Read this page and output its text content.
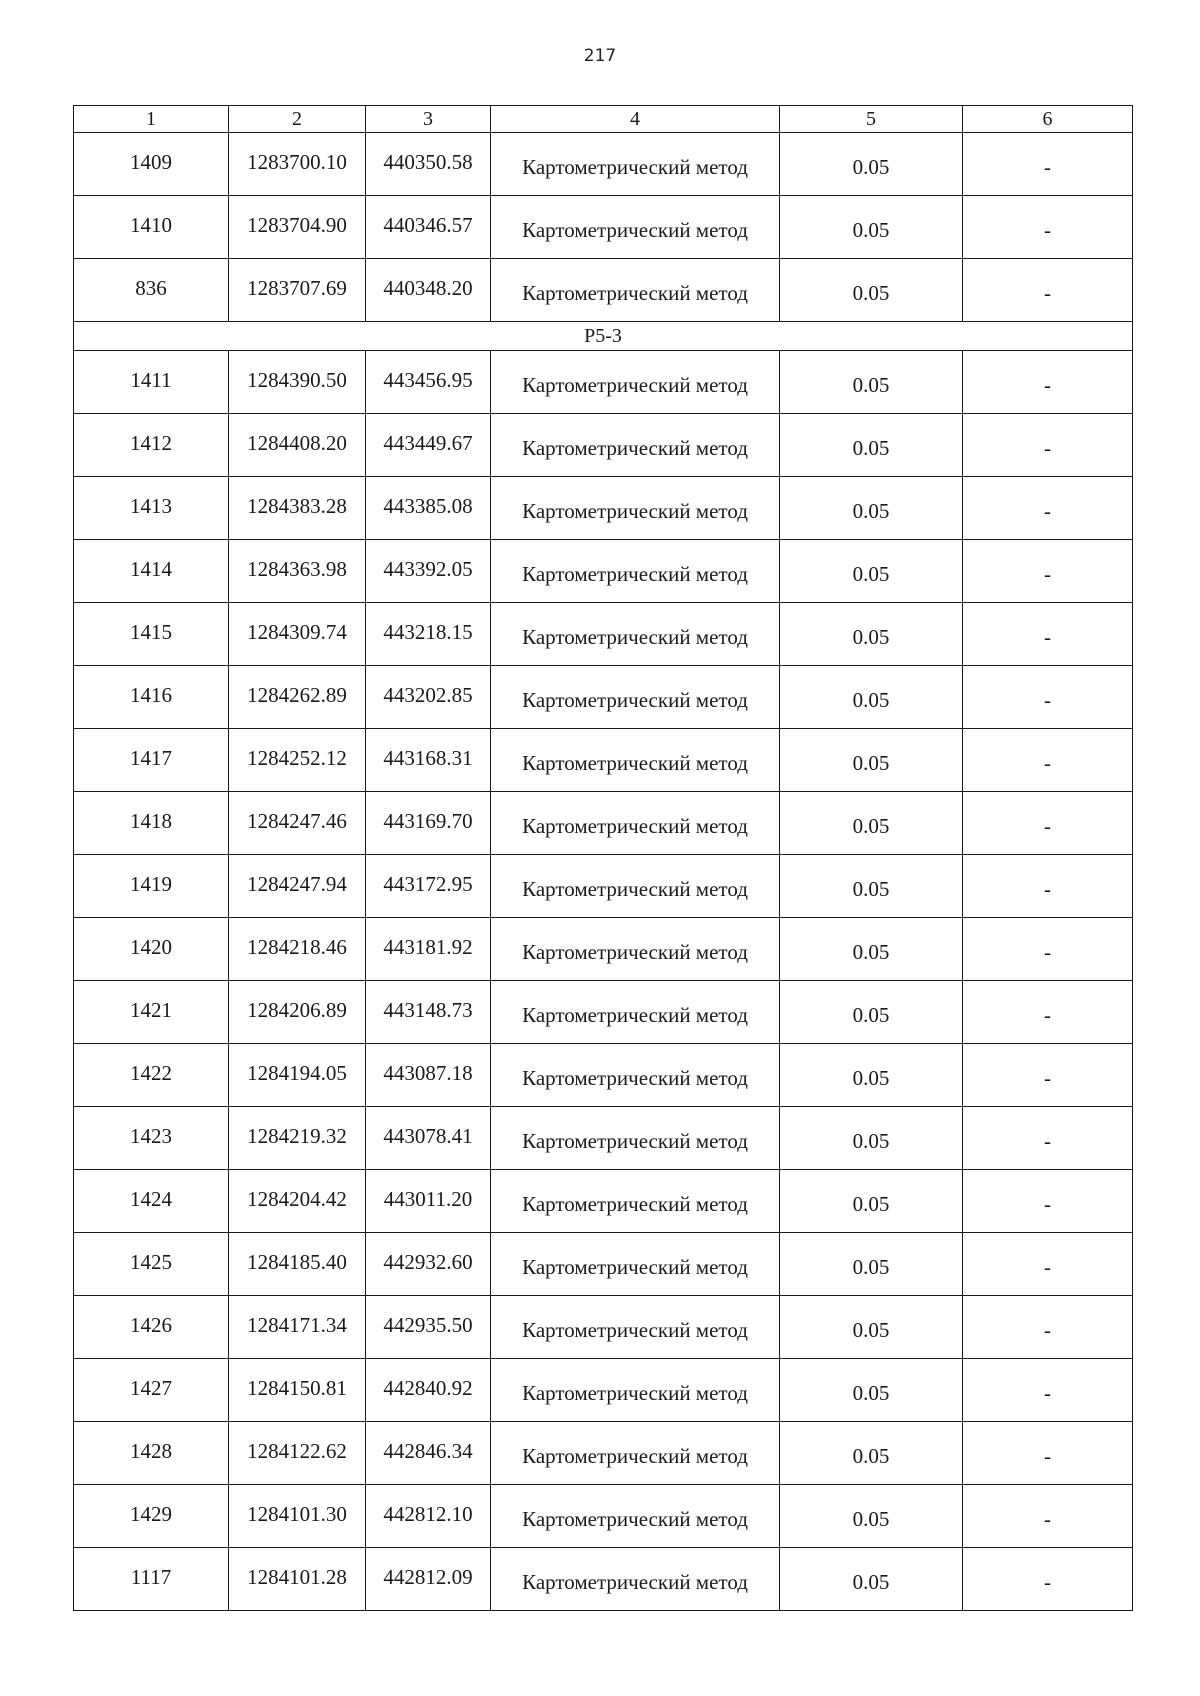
217
1	2	3	4	5	6
1409	1283700.10	440350.58	Картометрический метод	0.05	-
1410	1283704.90	440346.57	Картометрический метод	0.05	-
836	1283707.69	440348.20	Картометрический метод	0.05	-
Р5-3					
1411	1284390.50	443456.95	Картометрический метод	0.05	-
1412	1284408.20	443449.67	Картометрический метод	0.05	-
1413	1284383.28	443385.08	Картометрический метод	0.05	-
1414	1284363.98	443392.05	Картометрический метод	0.05	-
1415	1284309.74	443218.15	Картометрический метод	0.05	-
1416	1284262.89	443202.85	Картометрический метод	0.05	-
1417	1284252.12	443168.31	Картометрический метод	0.05	-
1418	1284247.46	443169.70	Картометрический метод	0.05	-
1419	1284247.94	443172.95	Картометрический метод	0.05	-
1420	1284218.46	443181.92	Картометрический метод	0.05	-
1421	1284206.89	443148.73	Картометрический метод	0.05	-
1422	1284194.05	443087.18	Картометрический метод	0.05	-
1423	1284219.32	443078.41	Картометрический метод	0.05	-
1424	1284204.42	443011.20	Картометрический метод	0.05	-
1425	1284185.40	442932.60	Картометрический метод	0.05	-
1426	1284171.34	442935.50	Картометрический метод	0.05	-
1427	1284150.81	442840.92	Картометрический метод	0.05	-
1428	1284122.62	442846.34	Картометрический метод	0.05	-
1429	1284101.30	442812.10	Картометрический метод	0.05	-
1117	1284101.28	442812.09	Картометрический метод	0.05	-
